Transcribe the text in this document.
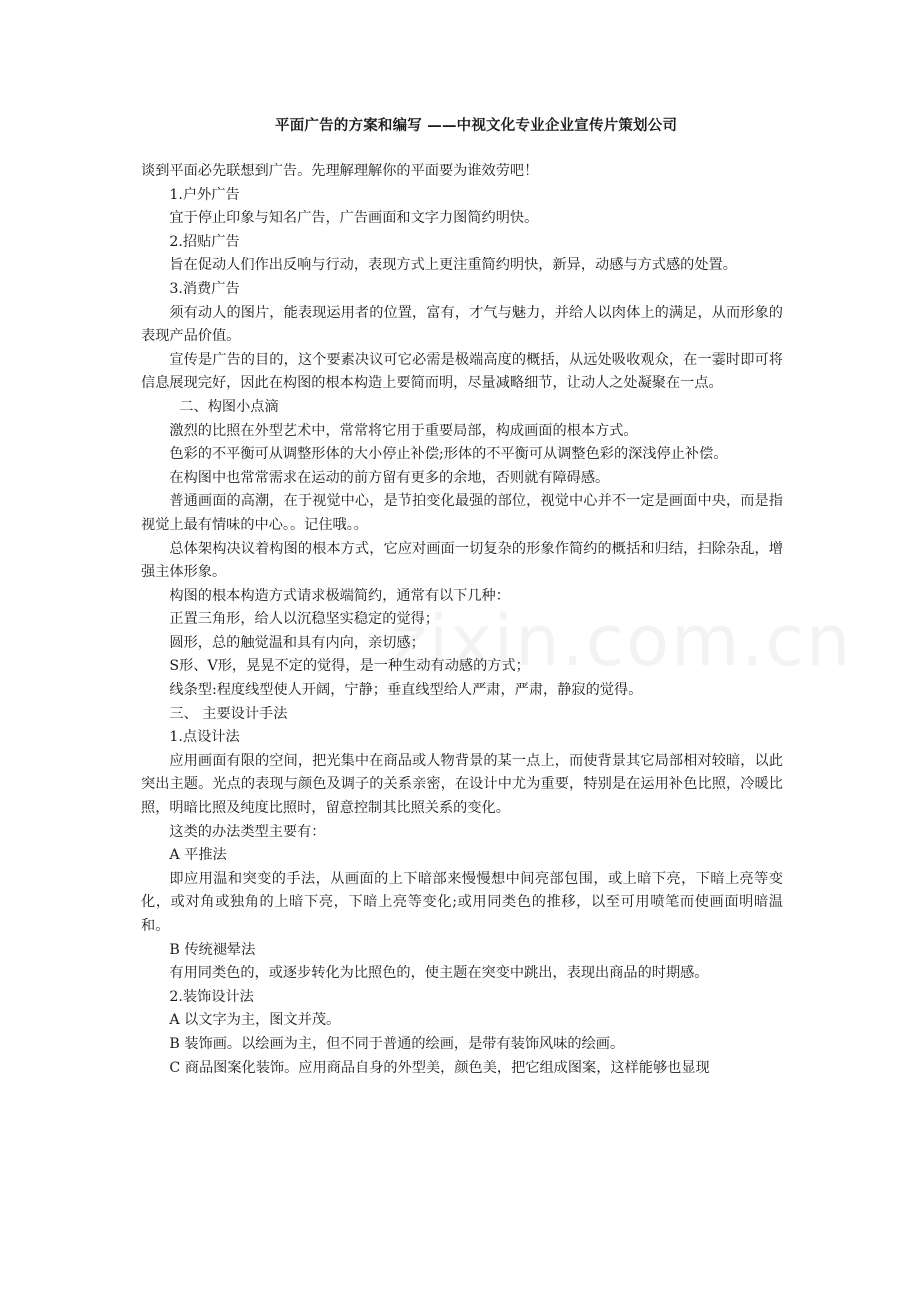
平面广告的方案和编写 ——中视文化专业企业宣传片策划公司

谈到平面必先联想到广告。先理解理解你的平面要为谁效劳吧！

1.户外广告

宜于停止印象与知名广告，广告画面和文字力图简约明快。

2.招贴广告

旨在促动人们作出反响与行动，表现方式上更注重简约明快，新异，动感与方式感的处置。

3.消费广告

须有动人的图片，能表现运用者的位置，富有，才气与魅力，并给人以肉体上的满足，从而形象的表现产品价值。

宣传是广告的目的，这个要素决议可它必需是极端高度的概括，从远处吸收观众，在一霎时即可将信息展现完好，因此在构图的根本构造上要简而明，尽量减略细节，让动人之处凝聚在一点。

二、构图小点滴

激烈的比照在外型艺术中，常常将它用于重要局部，构成画面的根本方式。

色彩的不平衡可从调整形体的大小停止补偿;形体的不平衡可从调整色彩的深浅停止补偿。

在构图中也常常需求在运动的前方留有更多的余地，否则就有障碍感。

普通画面的高潮，在于视觉中心，是节拍变化最强的部位，视觉中心并不一定是画面中央，而是指视觉上最有情味的中心。。记住哦。。

总体架构决议着构图的根本方式，它应对画面一切复杂的形象作简约的概括和归结，扫除杂乱，增强主体形象。

构图的根本构造方式请求极端简约，通常有以下几种：

正置三角形，给人以沉稳坚实稳定的觉得；

圆形，总的触觉温和具有内向，亲切感；

S形、V形，晃晃不定的觉得，是一种生动有动感的方式；

线条型:程度线型使人开阔，宁静；垂直线型给人严肃，严肃，静寂的觉得。

三、 主要设计手法

1.点设计法

应用画面有限的空间，把光集中在商品或人物背景的某一点上，而使背景其它局部相对较暗，以此突出主题。光点的表现与颜色及调子的关系亲密，在设计中尤为重要，特别是在运用补色比照，冷暖比照，明暗比照及纯度比照时，留意控制其比照关系的变化。

这类的办法类型主要有：

A 平推法

即应用温和突变的手法，从画面的上下暗部来慢慢想中间亮部包围，或上暗下亮，下暗上亮等变化，或对角或独角的上暗下亮，下暗上亮等变化;或用同类色的推移，以至可用喷笔而使画面明暗温和。

B 传统褪晕法

有用同类色的，或逐步转化为比照色的，使主题在突变中跳出，表现出商品的时期感。

2.装饰设计法

A 以文字为主，图文并茂。

B 装饰画。以绘画为主，但不同于普通的绘画，是带有装饰风味的绘画。

C 商品图案化装饰。应用商品自身的外型美，颜色美，把它组成图案，这样能够也显现
